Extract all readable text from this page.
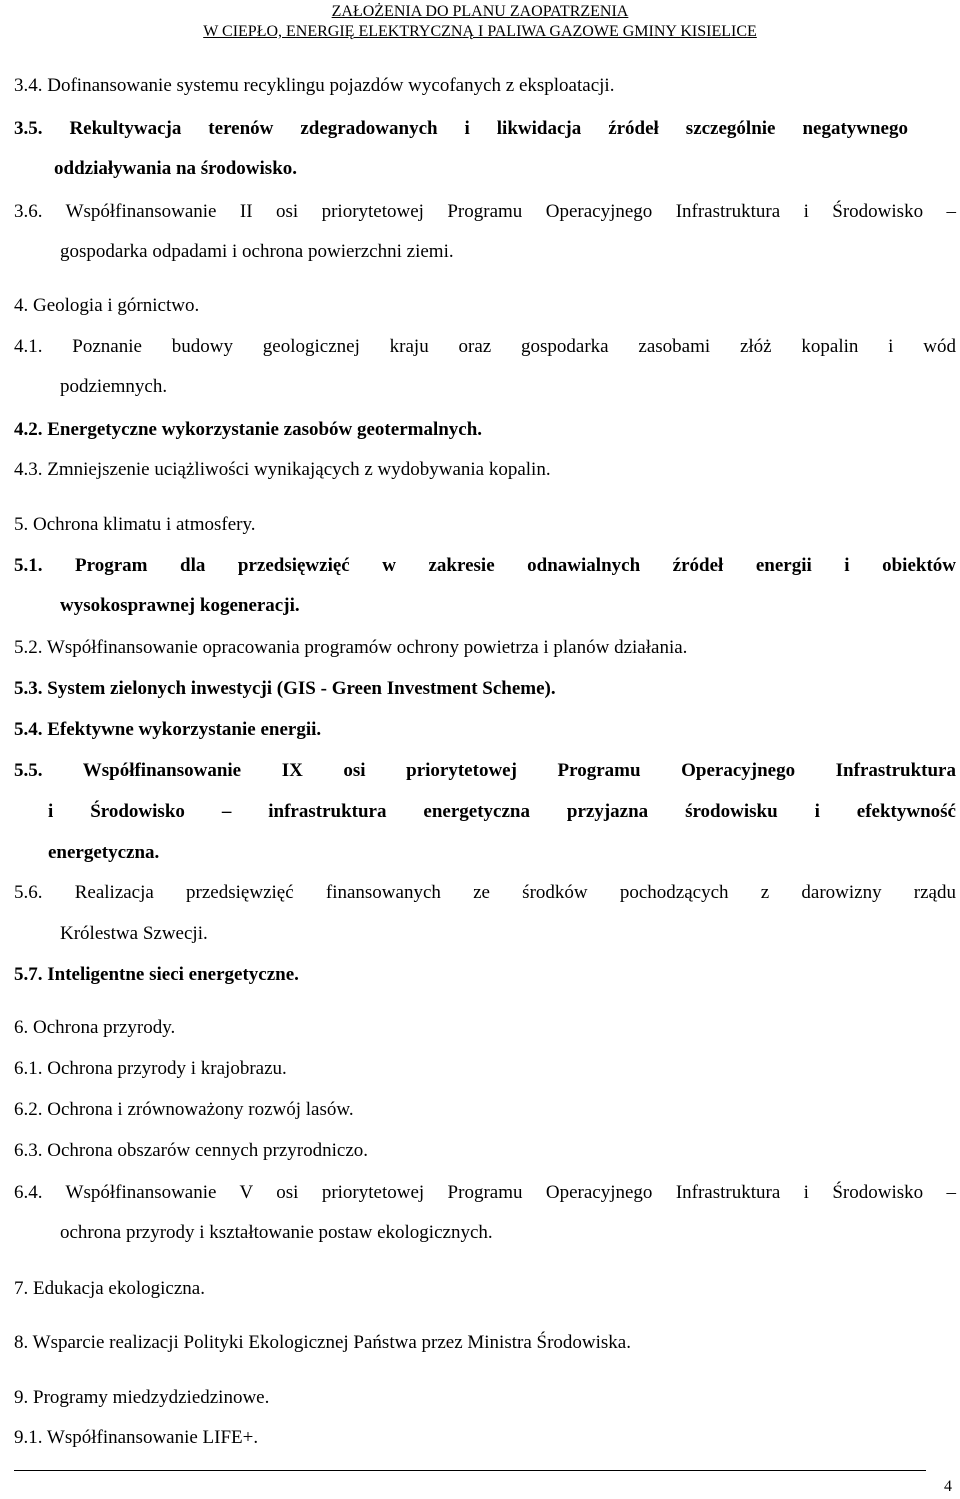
ZAŁOŻENIA DO PLANU ZAOPATRZENIA
W CIEPŁO, ENERGIĘ ELEKTRYCZNĄ I PALIWA GAZOWE GMINY KISIELICE
3.4. Dofinansowanie systemu recyklingu pojazdów wycofanych z eksploatacji.
3.5. Rekultywacja terenów zdegradowanych i likwidacja źródeł szczególnie negatywnego
oddziaływania na środowisko.
3.6. Współfinansowanie II osi priorytetowej Programu Operacyjnego Infrastruktura i Środowisko –
gospodarka odpadami i ochrona powierzchni ziemi.
4. Geologia i górnictwo.
4.1. Poznanie budowy geologicznej kraju oraz gospodarka zasobami złóż kopalin i wód
podziemnych.
4.2. Energetyczne wykorzystanie zasobów geotermalnych.
4.3. Zmniejszenie uciążliwości wynikających z wydobywania kopalin.
5. Ochrona klimatu i atmosfery.
5.1. Program dla przedsięwzięć w zakresie odnawialnych źródeł energii i obiektów
wysokosprawnej kogeneracji.
5.2. Współfinansowanie opracowania programów ochrony powietrza i planów działania.
5.3. System zielonych inwestycji (GIS - Green Investment Scheme).
5.4. Efektywne wykorzystanie energii.
5.5. Współfinansowanie IX osi priorytetowej Programu Operacyjnego Infrastruktura
i Środowisko – infrastruktura energetyczna przyjazna środowisku i efektywność
energetyczna.
5.6. Realizacja przedsięwzięć finansowanych ze środków pochodzących z darowizny rządu
Królestwa Szwecji.
5.7. Inteligentne sieci energetyczne.
6. Ochrona przyrody.
6.1. Ochrona przyrody i krajobrazu.
6.2. Ochrona i zrównoważony rozwój lasów.
6.3. Ochrona obszarów cennych przyrodniczo.
6.4. Współfinansowanie V osi priorytetowej Programu Operacyjnego Infrastruktura i Środowisko –
ochrona przyrody i kształtowanie postaw ekologicznych.
7. Edukacja ekologiczna.
8. Wsparcie realizacji Polityki Ekologicznej Państwa przez Ministra Środowiska.
9. Programy miedzydziedzinowe.
9.1. Współfinansowanie LIFE+.
4
